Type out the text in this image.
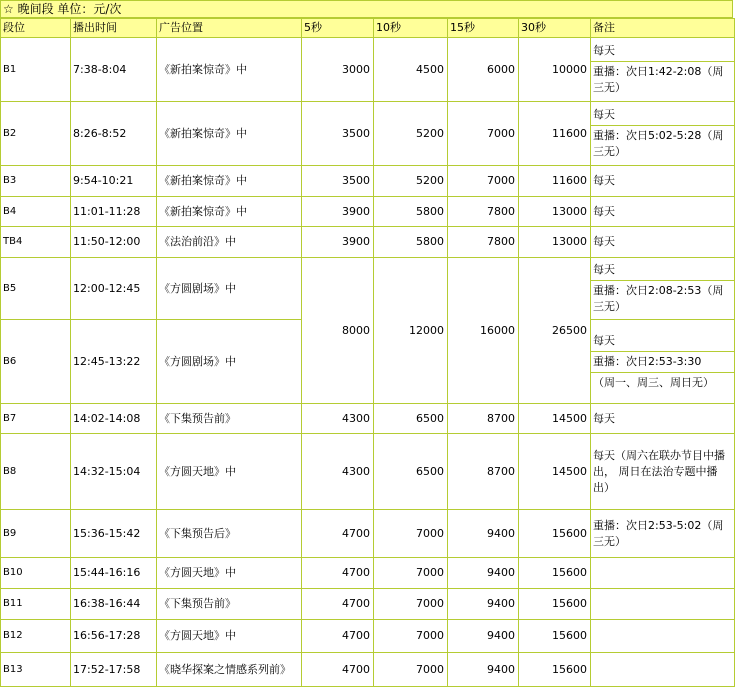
☆ 晚间段 单位：元/次
段位	播出时间	广告位置	5秒	10秒	15秒	30秒	备注
B1	7:38-8:04	《新拍案惊奇》中	3000	4500	6000	10000	每天
重播：次日1:42-2:08（周三无）

B2	8:26-8:52	《新拍案惊奇》中	3500	5200	7000	11600	每天
重播：次日5:02-5:28（周三无）

B3	9:54-10:21	《新拍案惊奇》中	3500	5200	7000	11600	每天
B4	11:01-11:28	《新拍案惊奇》中	3900	5800	7800	13000	每天
TB4	11:50-12:00	《法治前沿》中	3900	5800	7800	13000	每天
B5	12:00-12:45	《方圆剧场》中	8000	12000	16000	26500	每天
重播：次日2:08-2:53（周三无）

B6	12:45-13:22	《方圆剧场》中					每天
重播：次日2:53-3:30
（周一、周三、周日无）

B7	14:02-14:08	《下集预告前》	4300	6500	8700	14500	每天
B8	14:32-15:04	《方圆天地》中	4300	6500	8700	14500	每天（周六在联办节目中播出， 周日在法治专题中播出）
B9	15:36-15:42	《下集预告后》	4700	7000	9400	15600	重播：次日2:53-5:02（周三无）
B10	15:44-16:16	《方圆天地》中	4700	7000	9400	15600	
B11	16:38-16:44	《下集预告前》	4700	7000	9400	15600	
B12	16:56-17:28	《方圆天地》中	4700	7000	9400	15600	
B13	17:52-17:58	《晓华探案之情感系列前》	4700	7000	9400	15600	
